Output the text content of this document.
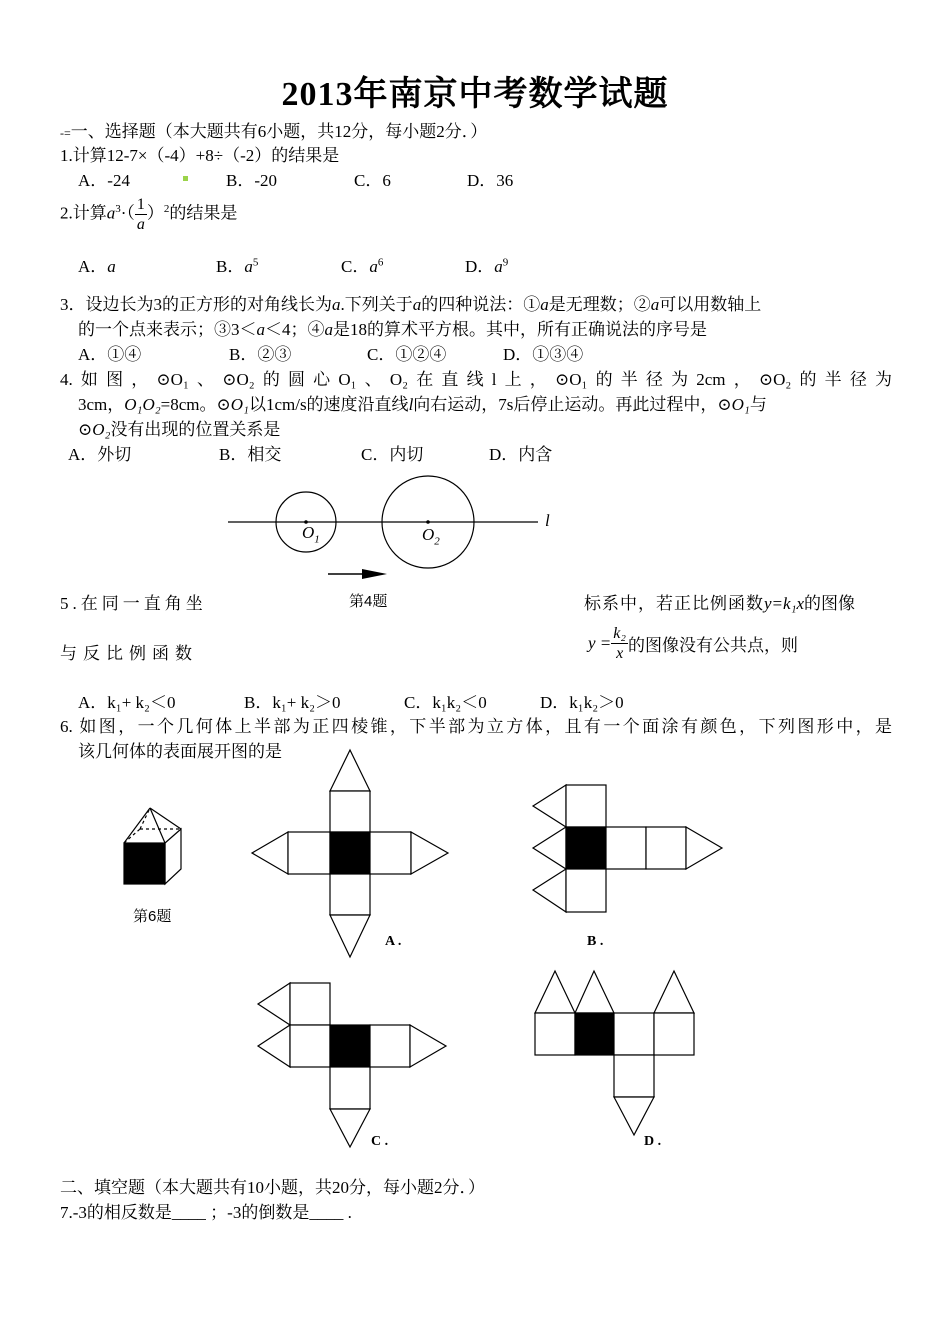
2013年南京中考数学试题
-=一、选择题（本大题共有6小题，共12分，每小题2分．）
1.计算12-7×（-4）+8÷（-2）的结果是
A．-24	B．-20	C．6	D．36
2.计算$a^3\cdot( \frac{1}{a} )^2$的结果是
A．a	B．$a^5$	C．$a^6$	D．$a^9$
3．设边长为3的正方形的对角线长为a.下列关于a的四种说法：①a是无理数；②a可以用数轴上
的一个点来表示；③3＜a＜4；④a是18的算术平方根。其中，所有正确说法的序号是
A．①④	B．②③	C．①②④	D．①③④
4.如图，⊙O₁、⊙O₂的圆心O₁、O₂在直线l上，⊙O₁的半径为2cm，⊙O₂的半径为
3cm，O₁O₂=8cm。⊙O₁以1cm/s的速度沿直线l向右运动，7s后停止运动。再此过程中，⊙O₁与
⊙O₂没有出现的位置关系是
A．外切	B．相交	C．内切	D．内含
$O_1$	$O_2$
l
第4题
5.在同一直角坐	标系中，若正比例函数y=k₁x的图像
与反比例函数
$y = \frac{\text{k₂}}{x}$ 的图像没有公共点，则
A．k₁+ k₂＜0	B．k₁+ k₂＞0	C．k₁k₂＜0	D．k₁k₂＞0
6. 如图，一个几何体上半部为正四棱锥，下半部为立方体，且有一个面涂有颜色，下列图形中，是
该几何体的表面展开图的是
第6题
A .	B .
C .	D .
二、填空题（本大题共有10小题，共20分，每小题2分．）
7.-3的相反数是____ ；-3的倒数是____ .
